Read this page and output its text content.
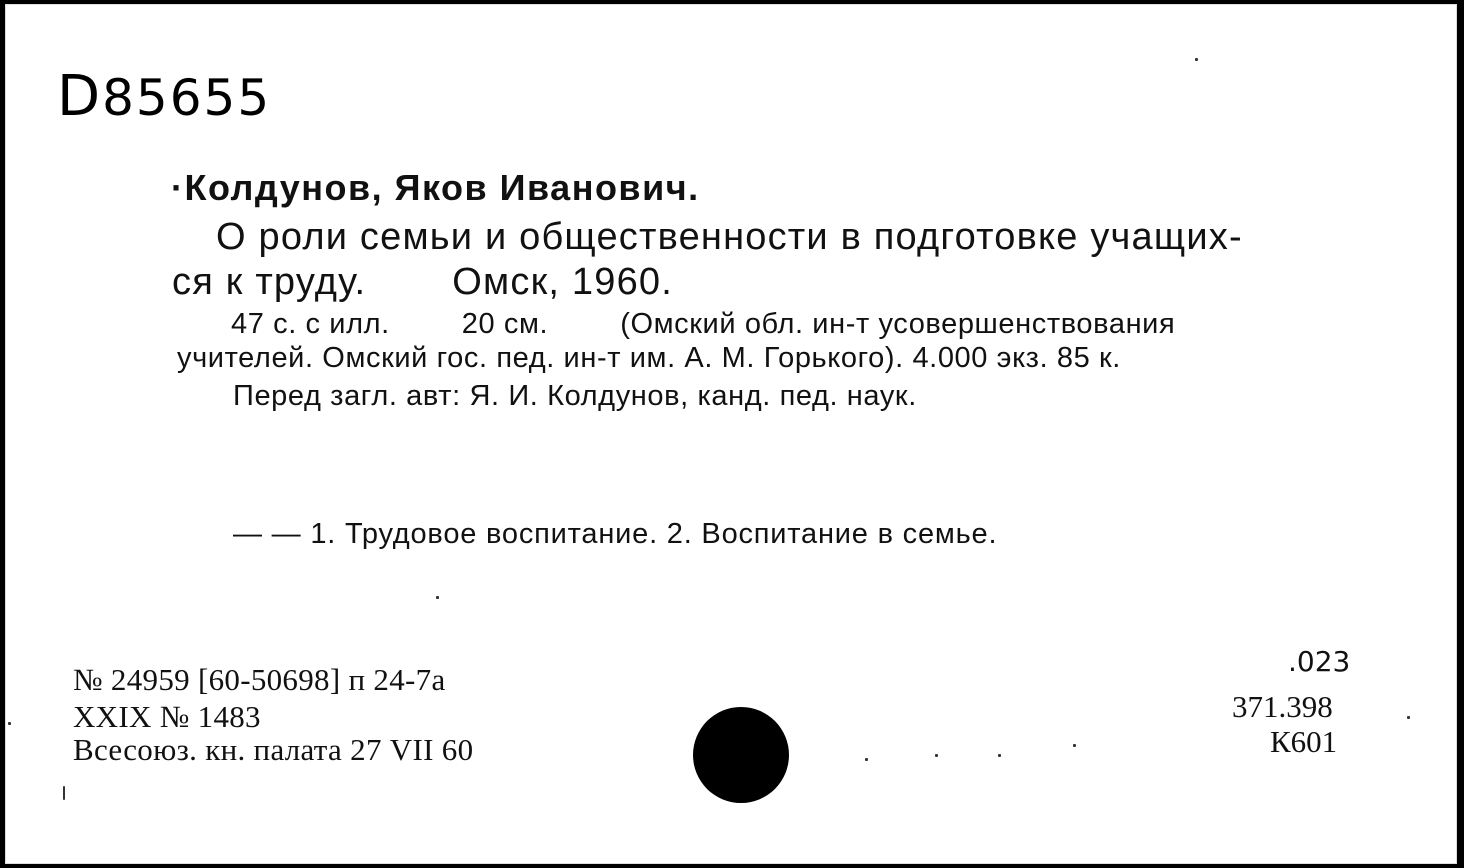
D85655
·Колдунов, Яков Иванович.
О роли семьи и общественности в подготовке учащих-
ся к труду. Омск, 1960.
47 с. с илл. 20 см. (Омский обл. ин-т усовершенствования
учителей. Омский гос. пед. ин-т им. А. М. Горького). 4.000 экз. 85 к.
Перед загл. авт: Я. И. Колдунов, канд. пед. наук.
— — 1. Трудовое воспитание. 2. Воспитание в семье.
№ 24959 [60-50698] п 24-7а
XXIX № 1483
Всесоюз. кн. палата 27 VII 60
.023
371.398
К601
